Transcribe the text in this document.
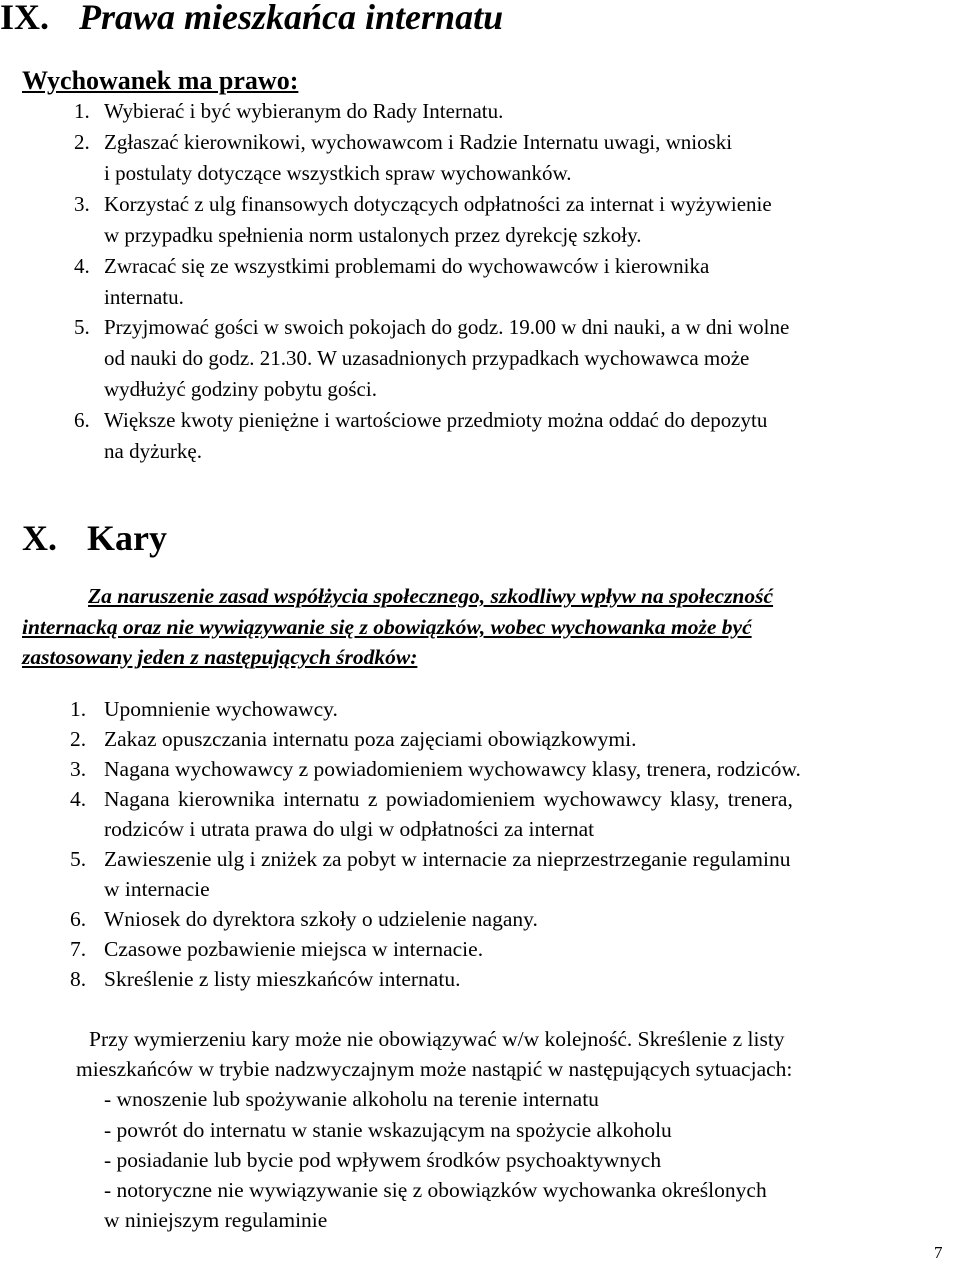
IX. Prawa mieszkańca internatu
Wychowanek ma prawo:
1. Wybierać i być wybieranym do Rady Internatu.
2. Zgłaszać kierownikowi, wychowawcom i Radzie Internatu uwagi, wnioski
i postulaty dotyczące wszystkich spraw wychowanków.
3. Korzystać z ulg finansowych dotyczących odpłatności za internat i wyżywienie
w przypadku spełnienia norm ustalonych przez dyrekcję szkoły.
4. Zwracać się ze wszystkimi problemami do wychowawców i kierownika
internatu.
5. Przyjmować gości w swoich pokojach do godz. 19.00 w dni nauki, a w dni wolne
od nauki do godz. 21.30. W uzasadnionych przypadkach wychowawca może
wydłużyć godziny pobytu gości.
6. Większe kwoty pieniężne i wartościowe przedmioty można oddać do depozytu
na dyżurkę.
X. Kary
Za naruszenie zasad współżycia społecznego, szkodliwy wpływ na społeczność
internacką oraz nie wywiązywanie się z obowiązków, wobec wychowanka może być
zastosowany jeden z następujących środków:
1. Upomnienie wychowawcy.
2. Zakaz opuszczania internatu poza zajęciami obowiązkowymi.
3. Nagana wychowawcy z powiadomieniem wychowawcy klasy, trenera, rodziców.
4. Nagana kierownika internatu z powiadomieniem wychowawcy klasy, trenera,
rodziców i utrata prawa do ulgi w odpłatności za internat
5. Zawieszenie ulg i zniżek za pobyt w internacie za nieprzestrzeganie regulaminu
w internacie
6. Wniosek do dyrektora szkoły o udzielenie nagany.
7. Czasowe pozbawienie miejsca w internacie.
8. Skreślenie z listy mieszkańców internatu.
Przy wymierzeniu kary może nie obowiązywać w/w kolejność. Skreślenie z listy
mieszkańców w trybie nadzwyczajnym może nastąpić w następujących sytuacjach:
- wnoszenie lub spożywanie alkoholu na terenie internatu
- powrót do internatu w stanie wskazującym na spożycie alkoholu
- posiadanie lub bycie pod wpływem środków psychoaktywnych
- notoryczne nie wywiązywanie się z obowiązków wychowanka określonych
w niniejszym regulaminie
7
